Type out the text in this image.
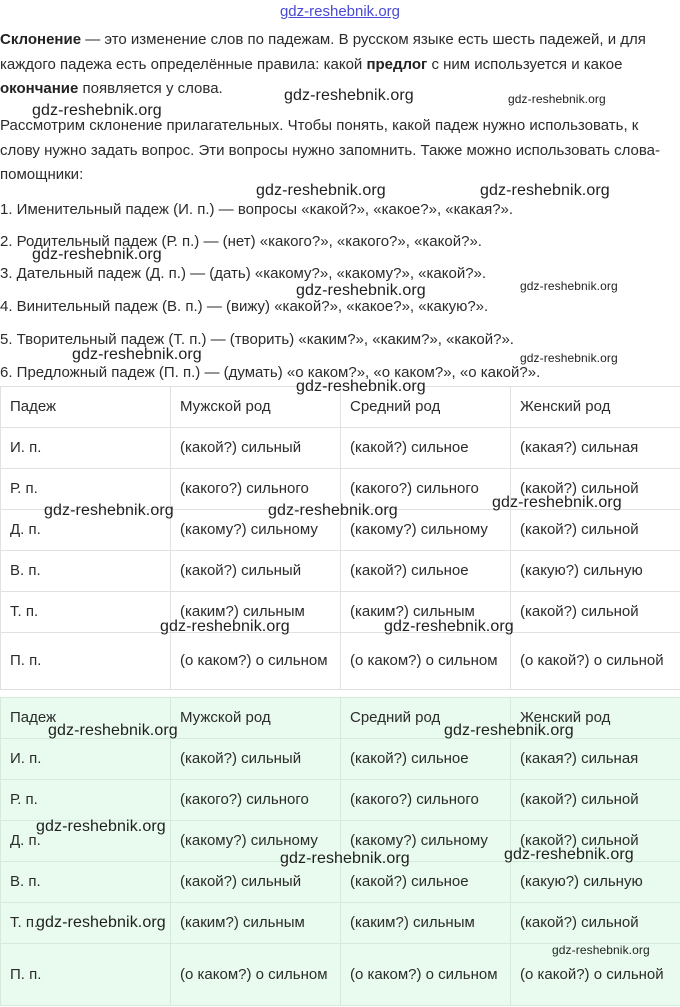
gdz-reshebnik.org
Склонение — это изменение слов по падежам. В русском языке есть шесть падежей, и для каждого падежа есть определённые правила: какой предлог с ним используется и какое окончание появляется у слова.
Рассмотрим склонение прилагательных. Чтобы понять, какой падеж нужно использовать, к слову нужно задать вопрос. Эти вопросы нужно запомнить. Также можно использовать слова-помощники:
1. Именительный падеж (И. п.) — вопросы «какой?», «какое?», «какая?».
2. Родительный падеж (Р. п.) — (нет) «какого?», «какого?», «какой?».
3. Дательный падеж (Д. п.) — (дать) «какому?», «какому?», «какой?».
4. Винительный падеж (В. п.) — (вижу) «какой?», «какое?», «какую?».
5. Творительный падеж (Т. п.) — (творить) «каким?», «каким?», «какой?».
6. Предложный падеж (П. п.) — (думать) «о каком?», «о каком?», «о какой?».
Падеж	Мужской род	Средний род	Женский род
И. п.	(какой?) сильный	(какой?) сильное	(какая?) сильная
Р. п.	(какого?) сильного	(какого?) сильного	(какой?) сильной
Д. п.	(какому?) сильному	(какому?) сильному	(какой?) сильной
В. п.	(какой?) сильный	(какой?) сильное	(какую?) сильную
Т. п.	(каким?) сильным	(каким?) сильным	(какой?) сильной
П. п.	(о каком?) о сильном	(о каком?) о сильном	(о какой?) о сильной
Падеж	Мужской род	Средний род	Женский род
И. п.	(какой?) сильный	(какой?) сильное	(какая?) сильная
Р. п.	(какого?) сильного	(какого?) сильного	(какой?) сильной
Д. п.	(какому?) сильному	(какому?) сильному	(какой?) сильной
В. п.	(какой?) сильный	(какой?) сильное	(какую?) сильную
Т. п.	(каким?) сильным	(каким?) сильным	(какой?) сильной
П. п.	(о каком?) о сильном	(о каком?) о сильном	(о какой?) о сильной
gdz-reshebnik.org
gdz-reshebnik.org	gdz-reshebnik.org
gdz-reshebnik.org	gdz-reshebnik.org
gdz-reshebnik.org
gdz-reshebnik.org
gdz-reshebnik.org
gdz-reshebnik.org	gdz-reshebnik.org
gdz-reshebnik.org
gdz-reshebnik.org
gdz-reshebnik.org	gdz-reshebnik.org
gdz-reshebnik.org	gdz-reshebnik.org
gdz-reshebnik.org	gdz-reshebnik.org
gdz-reshebnik.org
gdz-reshebnik.org	gdz-reshebnik.org
gdz-reshebnik.org
gdz-reshebnik.org
